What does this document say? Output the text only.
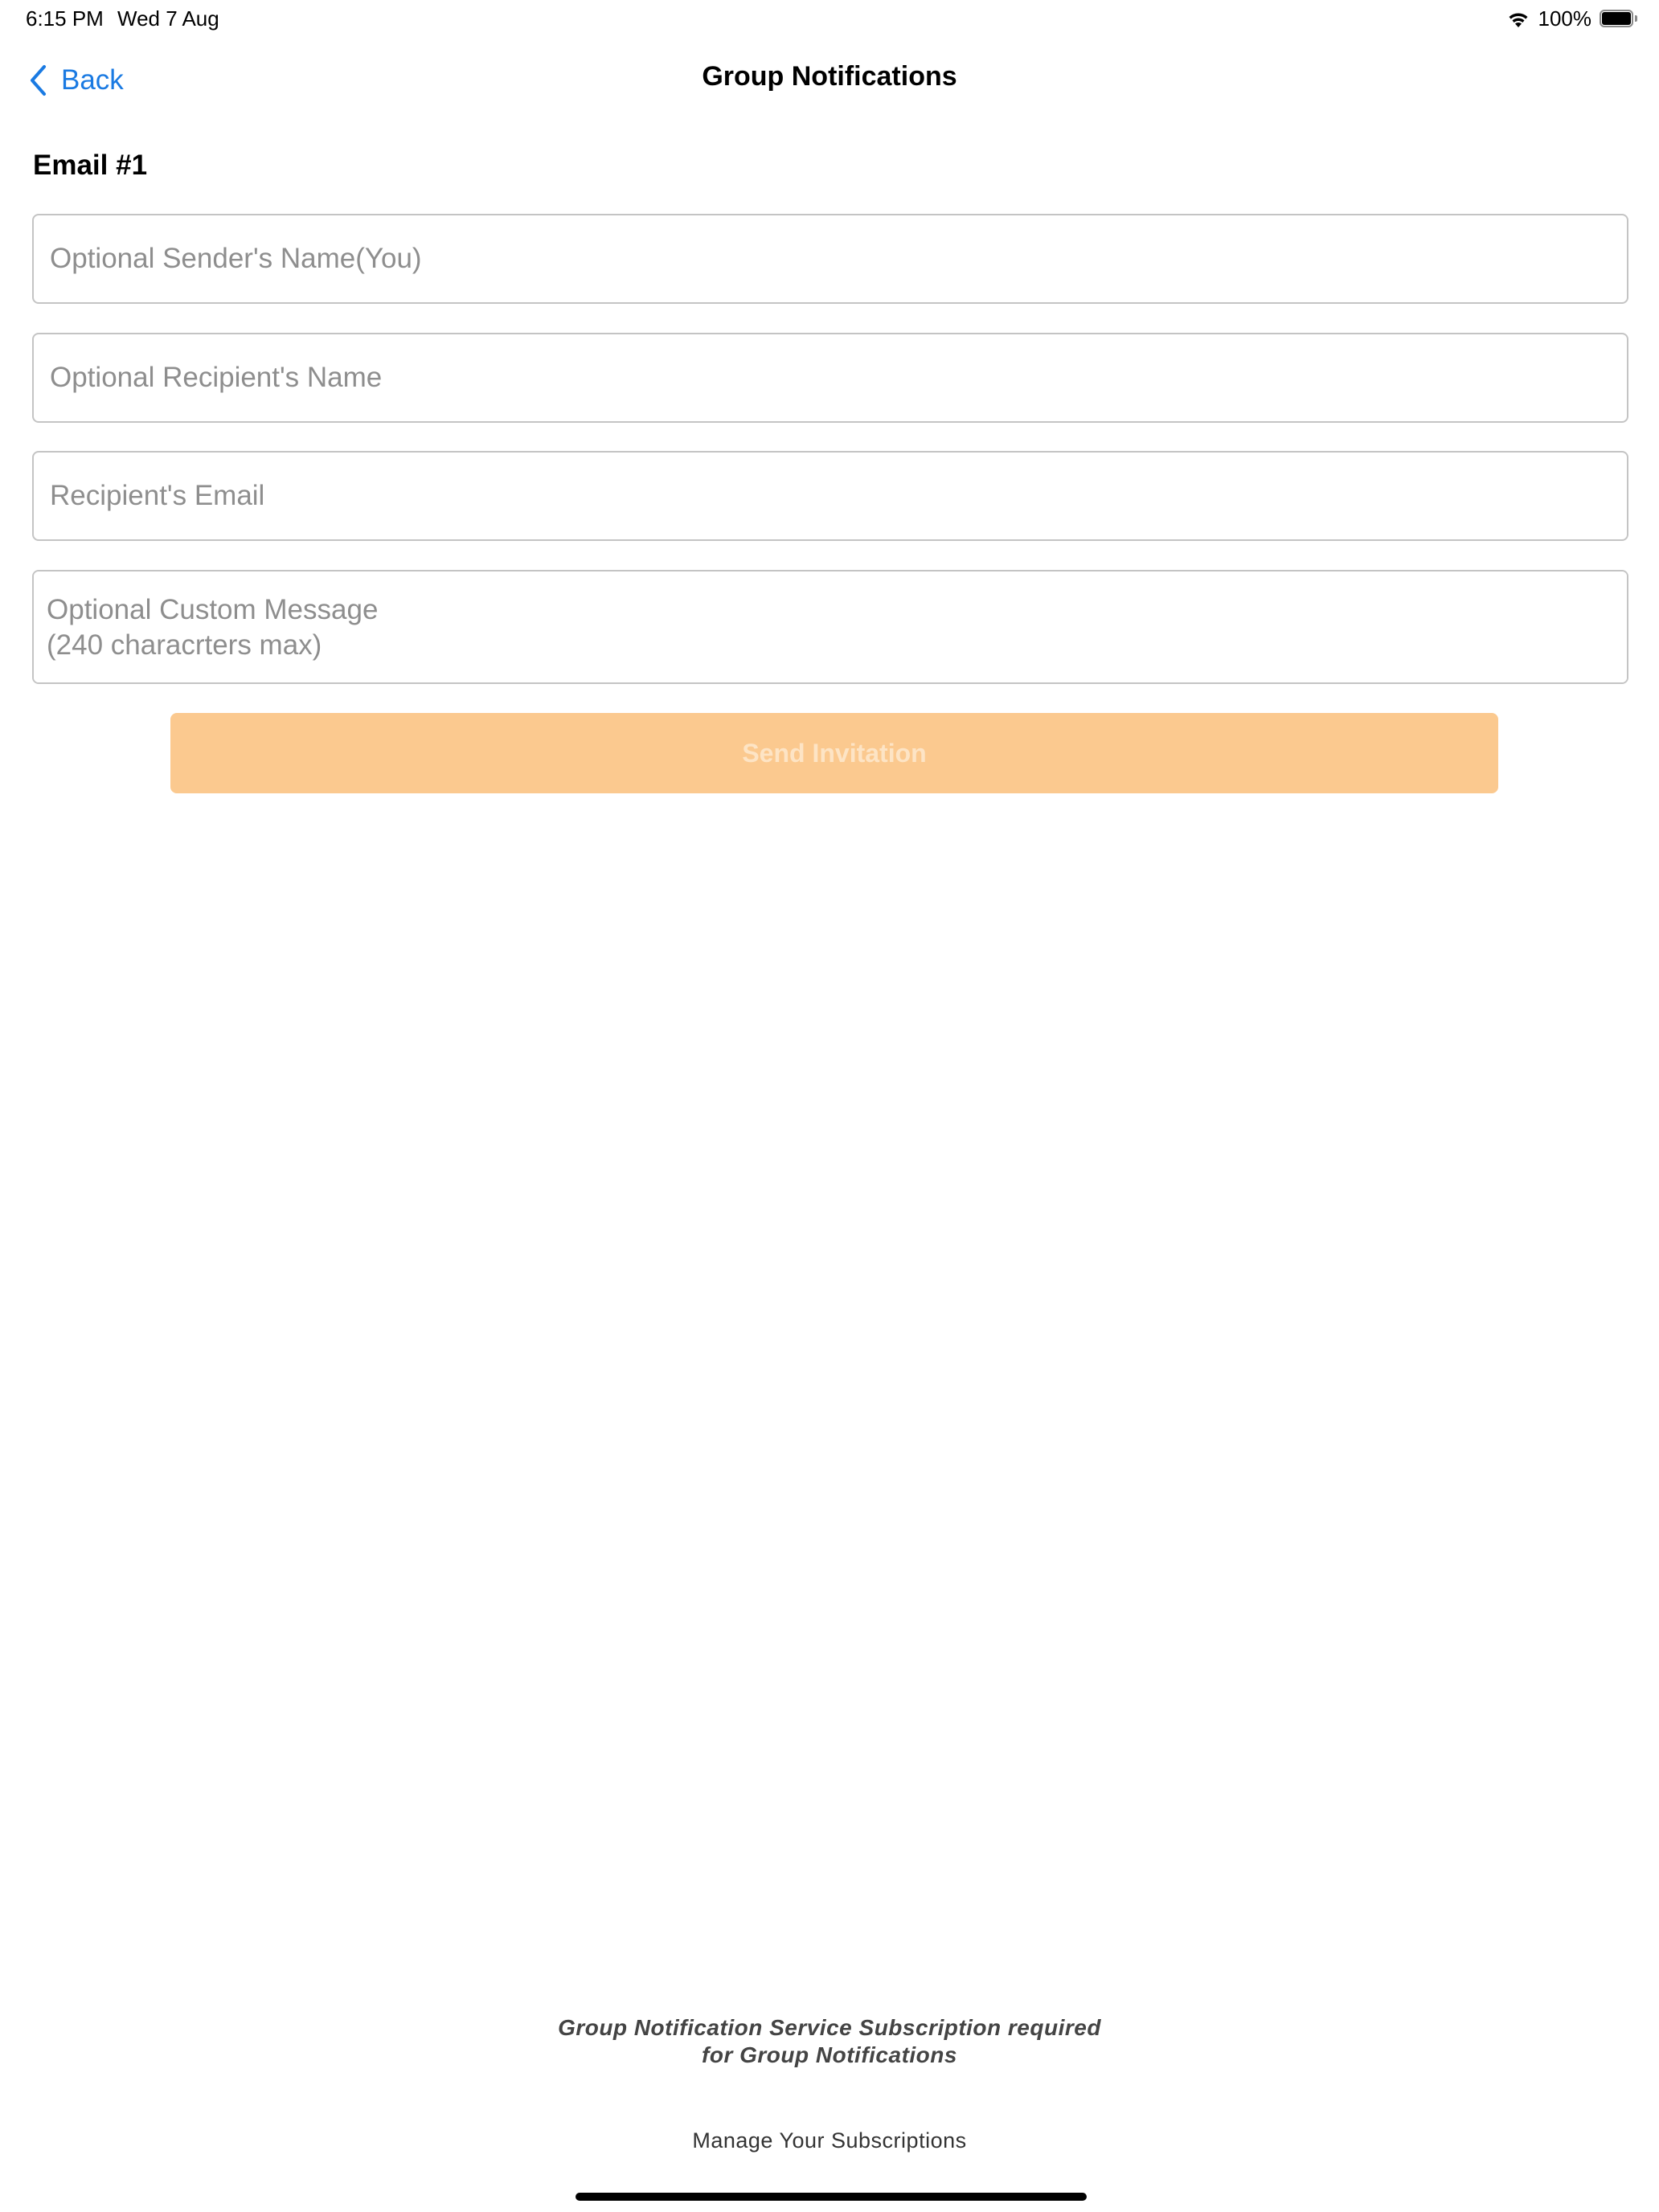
6:15 PM Wed 7 Aug	100%
Back	Group Notifications
Email #1
Optional Sender's Name(You)
Optional Recipient's Name
Recipient's Email
Optional Custom Message (240 characrters max)
Send Invitation
Group Notification Service Subscription required
for Group Notifications
Manage Your Subscriptions
